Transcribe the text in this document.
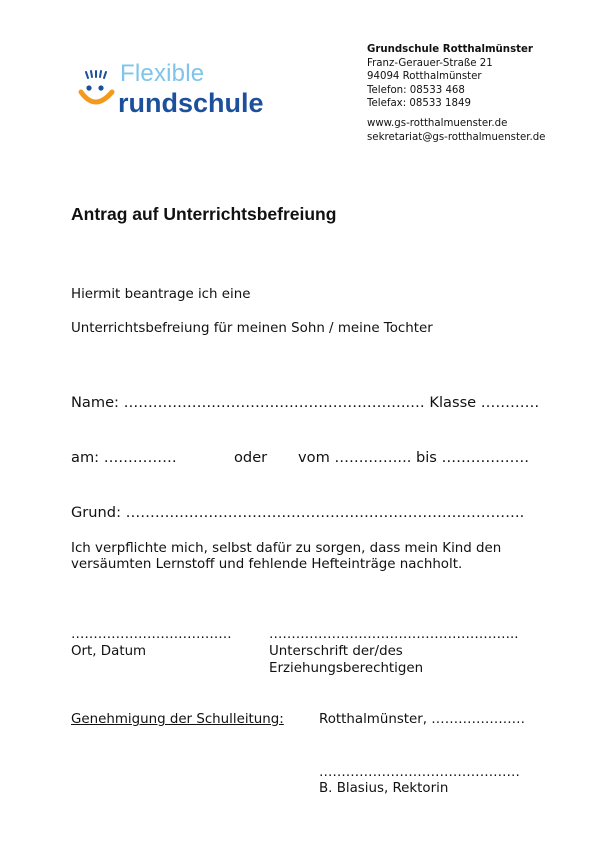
Flexible
rundschule
Grundschule Rotthalmünster
Franz-Gerauer-Straße 21
94094 Rotthalmünster
Telefon: 08533 468
Telefax: 08533 1849
www.gs-rotthalmuenster.de
sekretariat@gs-rotthalmuenster.de
Antrag auf Unterrichtsbefreiung
Hiermit beantrage ich eine
Unterrichtsbefreiung für meinen Sohn / meine Tochter
Name: …………………………………………………..… Klasse …………
am: ……………	oder vom …….……... bis ………………
Grund: ……………………………………………………………………….
Ich verpflichte mich, selbst dafür zu sorgen, dass mein Kind den
versäumten Lernstoff und fehlende Hefteinträge nachholt.
………………………………
Ort, Datum
………………………………………………..
Unterschrift der/des
Erziehungsberechtigen
Genehmigung der Schulleitung:	Rotthalmünster, …………………
………………………………………
B. Blasius, Rektorin
